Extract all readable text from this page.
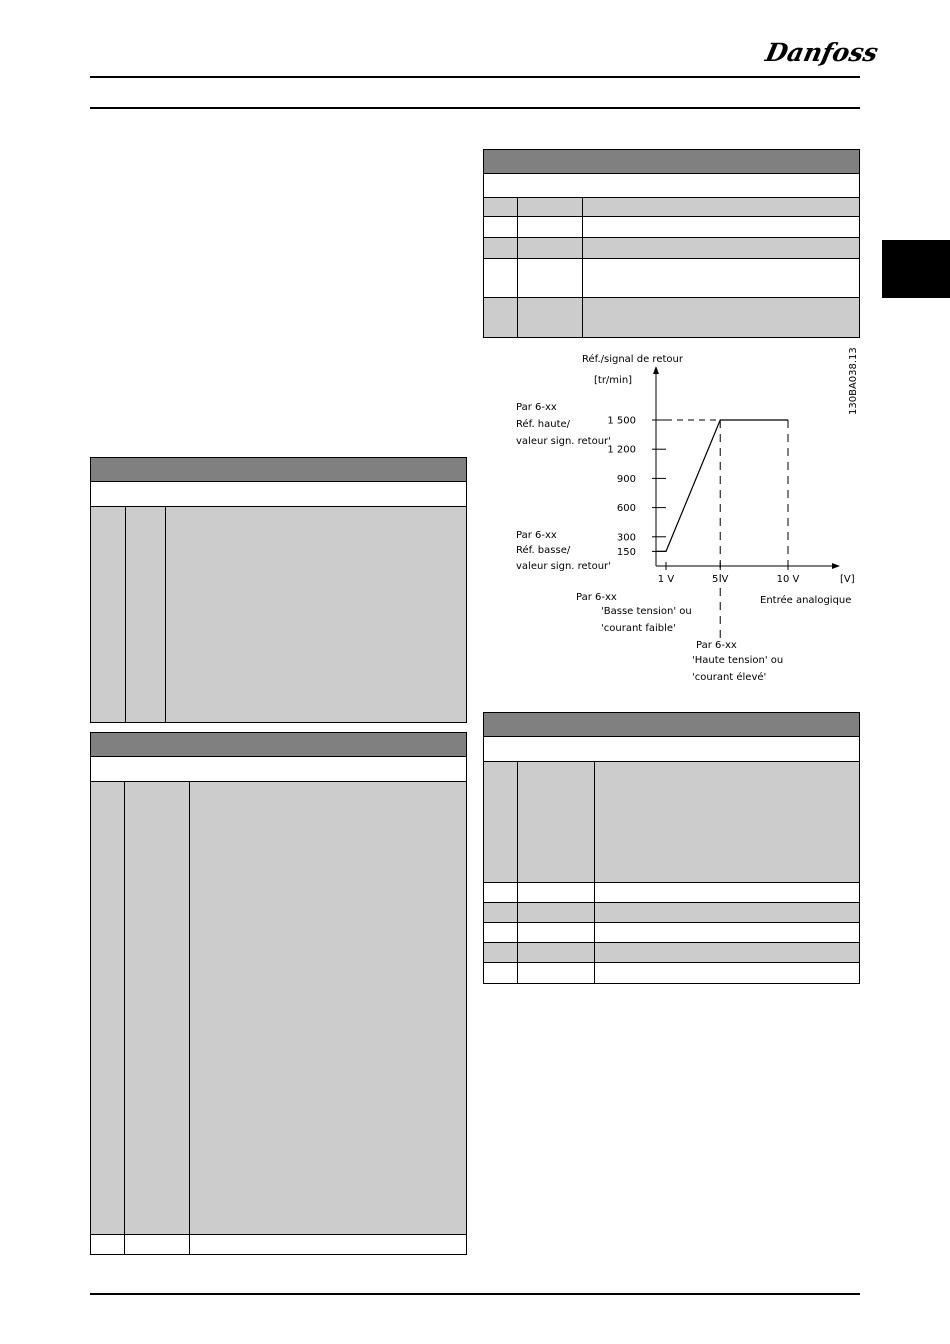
Danfoss
Réf./signal de retour
[tr/min]
[V]
Entrée analogique
130BA038.13
Par 6-xx
Réf. haute/
valeur sign. retour'
Par 6-xx
Réf. basse/
valeur sign. retour'
Par 6-xx
'Basse tension' ou
'courant faible'
Par 6-xx
'Haute tension' ou
'courant élevé'
150
300
600
900
1 200
1 500
1 V	5 V	10 V
